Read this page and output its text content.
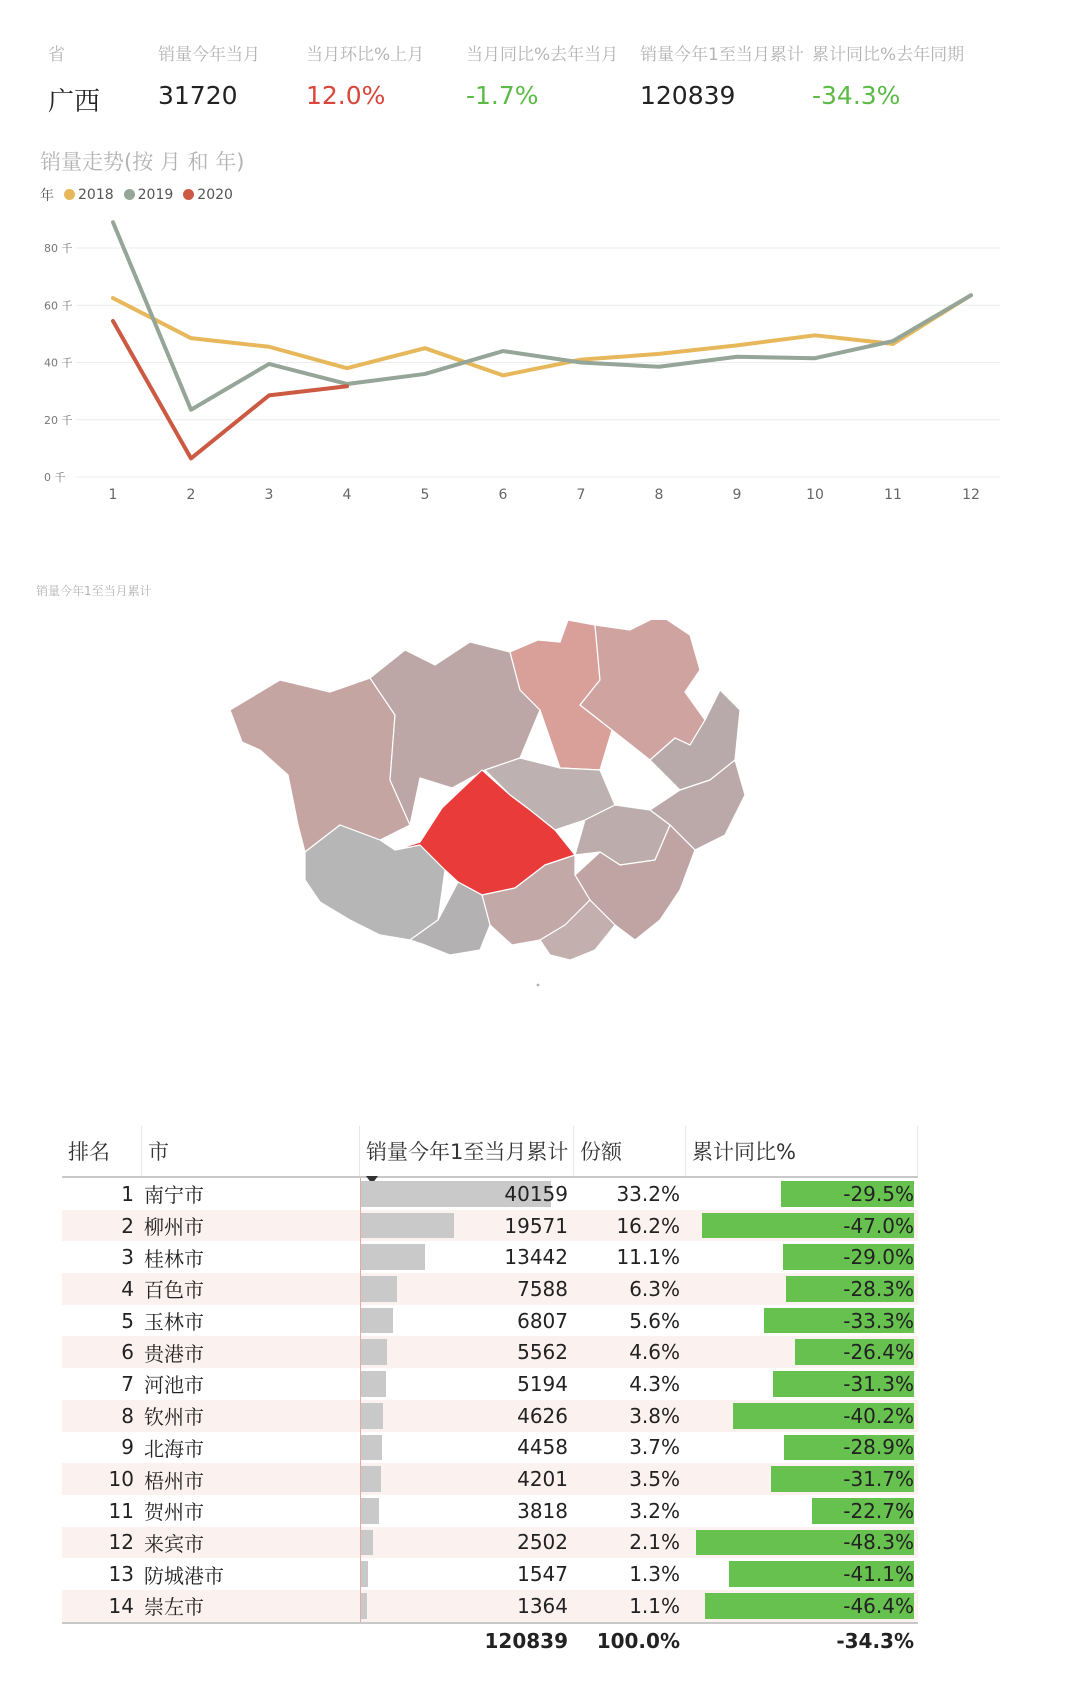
省
广西
销量今年当月
31720
当月环比%上月
12.0%
当月同比%去年当月
-1.7%
销量今年1至当月累计
120839
累计同比%去年同期
-34.3%
销量走势(按 月 和 年)
年	2018	2019	2020
0 千
20 千
40 千
60 千
80 千
1	2	3	4	5	6	7	8	9	10	11	12
销量今年1至当月累计
排名	市	销量今年1至当月累计 份额	累计同比%
1 南宁市	40159 33.2%	-29.5%
2 柳州市	19571 16.2%	-47.0%
3 桂林市	13442 11.1%	-29.0%
4 百色市	7588	6.3%	-28.3%
5 玉林市	6807	5.6%	-33.3%
6 贵港市	5562	4.6%	-26.4%
7 河池市	5194	4.3%	-31.3%
8 钦州市	4626	3.8%	-40.2%
9 北海市	4458	3.7%	-28.9%
10 梧州市	4201	3.5%	-31.7%
11 贺州市	3818	3.2%	-22.7%
12 来宾市	2502	2.1%	-48.3%
13 防城港市	1547	1.3%	-41.1%
14 崇左市	1364	1.1%	-46.4%
120839	100.0%	-34.3%
